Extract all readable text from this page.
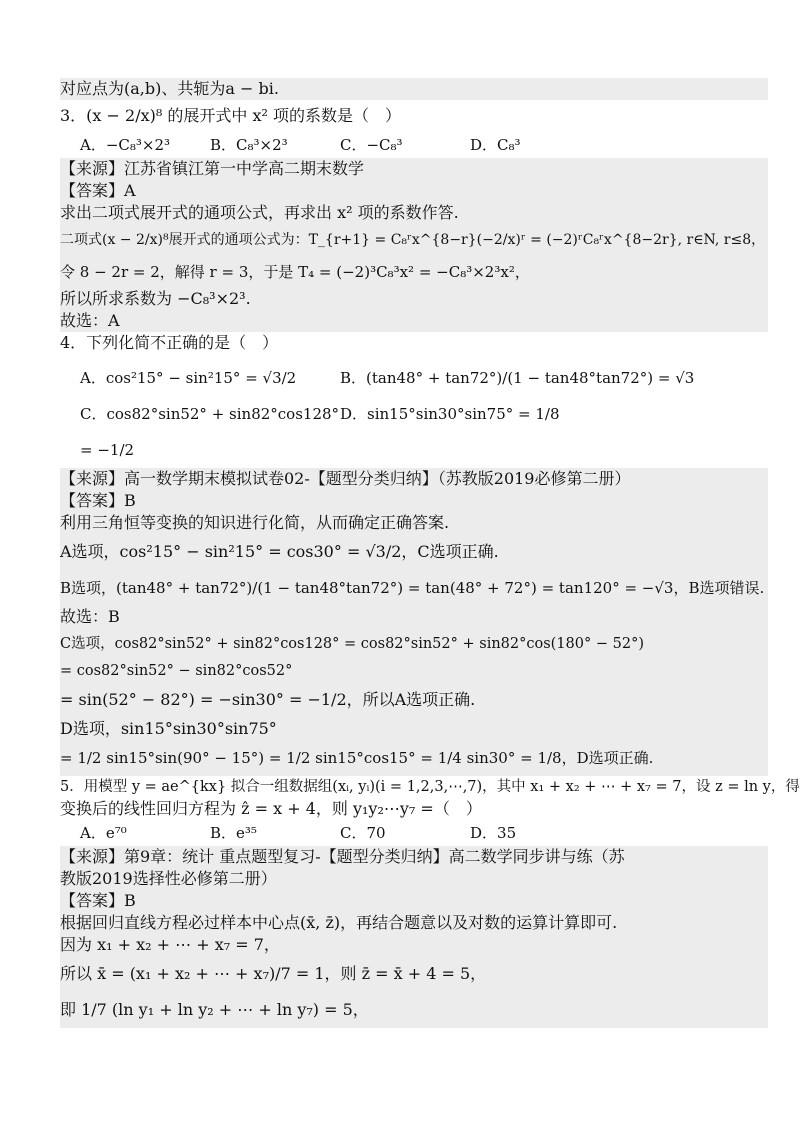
对应点为(a,b)、共轭为a − bi.
3．(x − 2/x)⁸ 的展开式中 x² 项的系数是（　）
A．−C₈³×2³	B．C₈³×2³	C．−C₈³	D．C₈³
【来源】江苏省镇江第一中学高二期末数学
【答案】A
求出二项式展开式的通项公式，再求出 x² 项的系数作答.
二项式(x − 2/x)⁸展开式的通项公式为：T_{r+1} = C₈ʳx^{8−r}(−2/x)ʳ = (−2)ʳC₈ʳx^{8−2r}, r∈N, r≤8，
令 8 − 2r = 2，解得 r = 3，于是 T₄ = (−2)³C₈³x² = −C₈³×2³x²，
所以所求系数为 −C₈³×2³.
故选：A
4．下列化简不正确的是（　）
A．cos²15° − sin²15° = √3/2	B．(tan48° + tan72°)/(1 − tan48°tan72°) = √3
C．cos82°sin52° + sin82°cos128° = −1/2
D．sin15°sin30°sin75° = 1/8
【来源】高一数学期末模拟试卷02-【题型分类归纳】（苏教版2019必修第二册）
【答案】B
利用三角恒等变换的知识进行化简，从而确定正确答案.
A选项，cos²15° − sin²15° = cos30° = √3/2，C选项正确.
B选项，(tan48° + tan72°)/(1 − tan48°tan72°) = tan(48° + 72°) = tan120° = −√3，B选项错误.
故选：B
C选项，cos82°sin52° + sin82°cos128° = cos82°sin52° + sin82°cos(180° − 52°)
= cos82°sin52° − sin82°cos52°
= sin(52° − 82°) = −sin30° = −1/2，所以A选项正确.
D选项，sin15°sin30°sin75°
= 1/2 sin15°sin(90° − 15°) = 1/2 sin15°cos15° = 1/4 sin30° = 1/8，D选项正确.
5．用模型 y = ae^{kx} 拟合一组数据组(xᵢ, yᵢ)(i = 1,2,3,⋯,7)，其中 x₁ + x₂ + ⋯ + x₇ = 7，设 z = ln y，得
变换后的线性回归方程为 ẑ = x + 4，则 y₁y₂⋯y₇ =（　）
A．e⁷⁰	B．e³⁵	C．70	D．35
【来源】第9章：统计 重点题型复习-【题型分类归纳】高二数学同步讲与练（苏
教版2019选择性必修第二册）
【答案】B
根据回归直线方程必过样本中心点(x̄, z̄)，再结合题意以及对数的运算计算即可.
因为 x₁ + x₂ + ⋯ + x₇ = 7，
所以 x̄ = (x₁ + x₂ + ⋯ + x₇)/7 = 1，则 z̄ = x̄ + 4 = 5，
即 1/7 (ln y₁ + ln y₂ + ⋯ + ln y₇) = 5，
